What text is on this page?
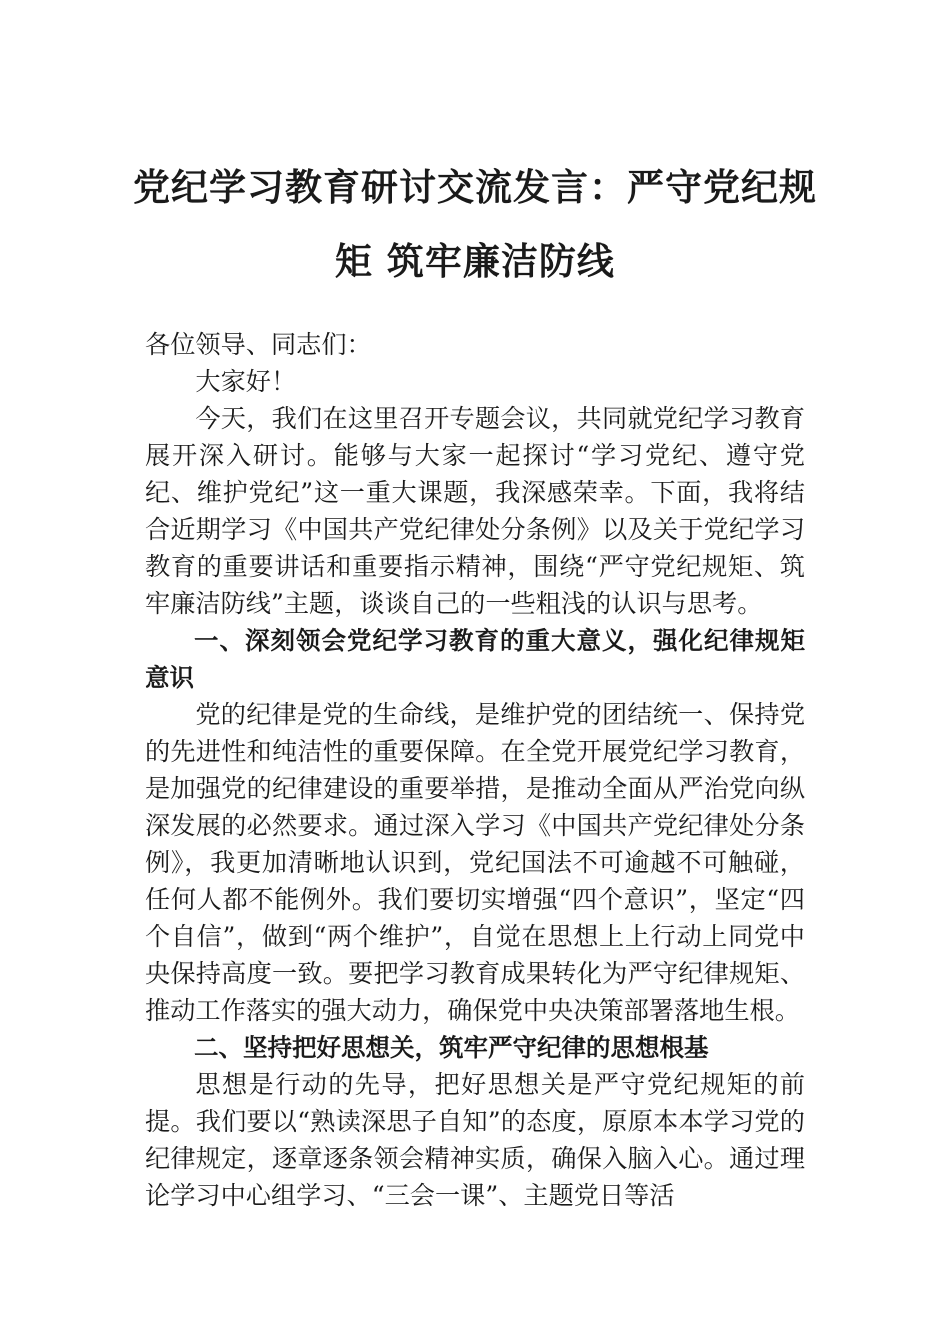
党纪学习教育研讨交流发言：严守党纪规矩 筑牢廉洁防线

各位领导、同志们：

大家好！

今天，我们在这里召开专题会议，共同就党纪学习教育展开深入研讨。能够与大家一起探讨“学习党纪、遵守党纪、维护党纪”这一重大课题，我深感荣幸。下面，我将结合近期学习《中国共产党纪律处分条例》以及关于党纪学习教育的重要讲话和重要指示精神，围绕“严守党纪规矩、筑牢廉洁防线”主题，谈谈自己的一些粗浅的认识与思考。

一、深刻领会党纪学习教育的重大意义，强化纪律规矩意识

党的纪律是党的生命线，是维护党的团结统一、保持党的先进性和纯洁性的重要保障。在全党开展党纪学习教育，是加强党的纪律建设的重要举措，是推动全面从严治党向纵深发展的必然要求。通过深入学习《中国共产党纪律处分条例》，我更加清晰地认识到，党纪国法不可逾越不可触碰，任何人都不能例外。我们要切实增强“四个意识”，坚定“四个自信”，做到“两个维护”，自觉在思想上上行动上同党中央保持高度一致。要把学习教育成果转化为严守纪律规矩、推动工作落实的强大动力，确保党中央决策部署落地生根。

二、坚持把好思想关，筑牢严守纪律的思想根基

思想是行动的先导，把好思想关是严守党纪规矩的前提。我们要以“熟读深思子自知”的态度，原原本本学习党的纪律规定，逐章逐条领会精神实质，确保入脑入心。通过理论学习中心组学习、“三会一课”、主题党日等活
